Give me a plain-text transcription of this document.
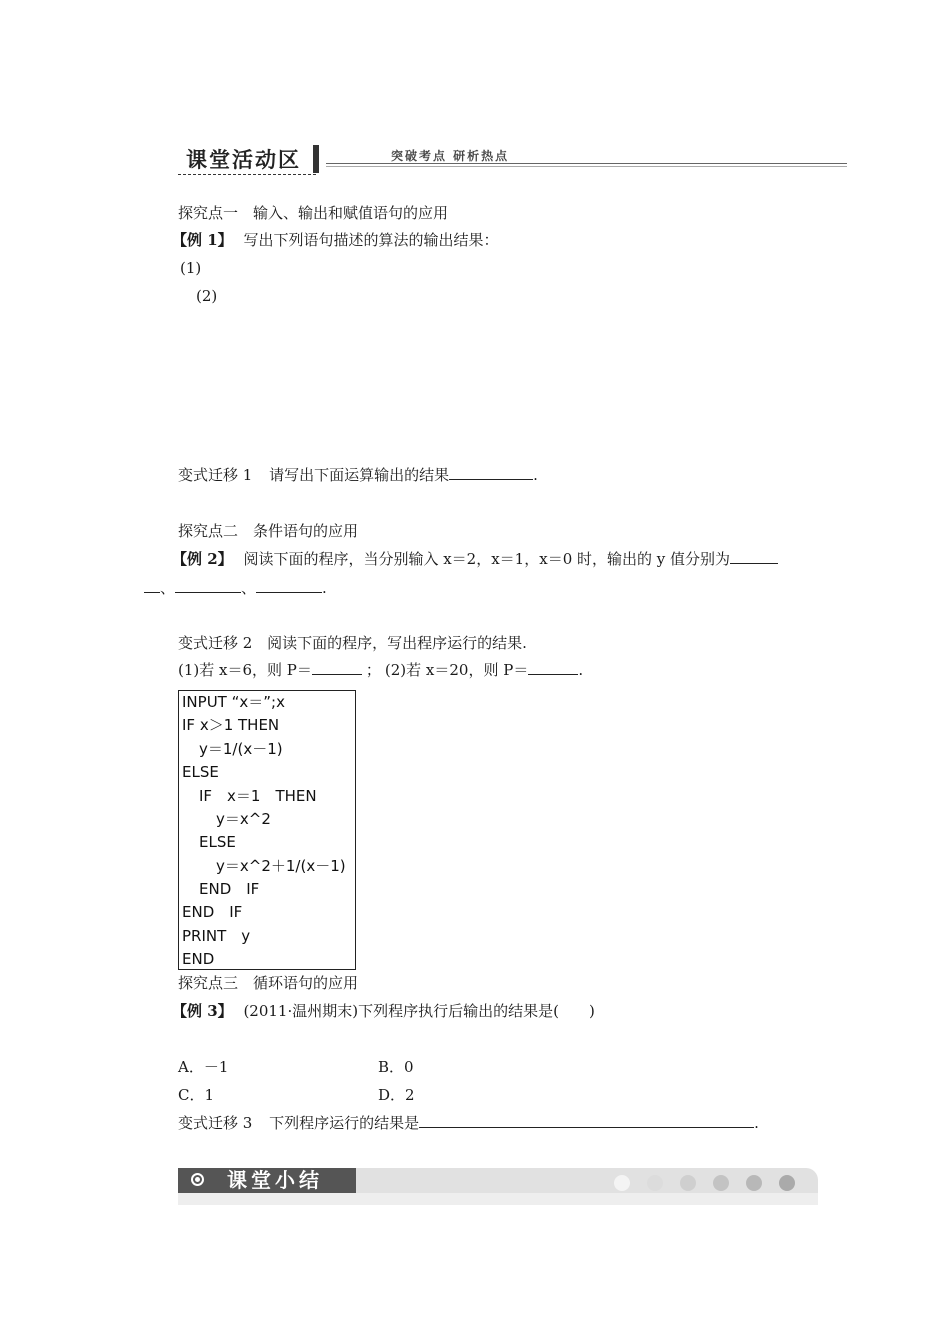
课堂活动区	突破考点 研析热点
探究点一　输入、输出和赋值语句的应用
【例 1】 写出下列语句描述的算法的输出结果：
(1)
(2)
变式迁移 1 请写出下面运算输出的结果	.
探究点二　条件语句的应用
【例 2】 阅读下面的程序，当分别输入 x＝2，x＝1，x＝0 时，输出的 y 值分别为
、	、	.
变式迁移 2 阅读下面的程序，写出程序运行的结果.
(1)若 x＝6，则 P＝	； (2)若 x＝20，则 P＝	.
INPUT “x＝”;x
IF x＞1 THEN
y＝1/(x－1)
ELSE
IF　x＝1　THEN
y＝x^2
ELSE
y＝x^2＋1/(x－1)
END　IF
END　IF
PRINT　y
END
探究点三　循环语句的应用
【例 3】 (2011·温州期末)下列程序执行后输出的结果是(　　)
A．－1	B．0
C．1	D．2
变式迁移 3 下列程序运行的结果是	.
课堂小结
